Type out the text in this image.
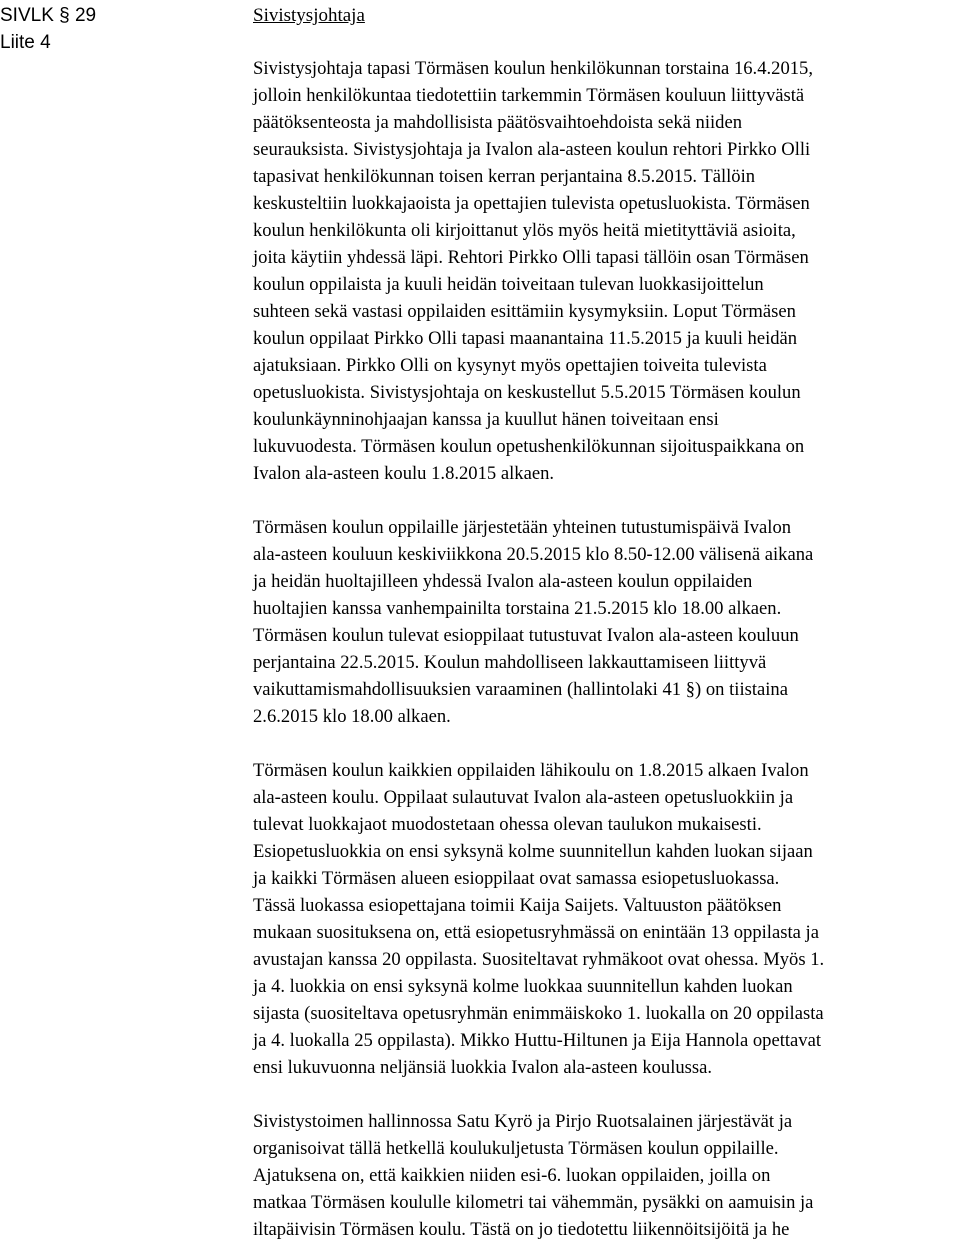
SIVLK § 29
Liite 4
Sivistysjohtaja

Sivistysjohtaja tapasi Törmäsen koulun henkilökunnan torstaina 16.4.2015,
jolloin henkilökuntaa tiedotettiin tarkemmin Törmäsen kouluun liittyvästä
päätöksenteosta ja mahdollisista päätösvaihtoehdoista sekä niiden
seurauksista. Sivistysjohtaja ja Ivalon ala-asteen koulun rehtori Pirkko Olli
tapasivat henkilökunnan toisen kerran perjantaina 8.5.2015. Tällöin
keskusteltiin luokkajaoista ja opettajien tulevista opetusluokista. Törmäsen
koulun henkilökunta oli kirjoittanut ylös myös heitä mietityttäviä asioita,
joita käytiin yhdessä läpi. Rehtori Pirkko Olli tapasi tällöin osan Törmäsen
koulun oppilaista ja kuuli heidän toiveitaan tulevan luokkasijoittelun
suhteen sekä vastasi oppilaiden esittämiin kysymyksiin. Loput Törmäsen
koulun oppilaat Pirkko Olli tapasi maanantaina 11.5.2015 ja kuuli heidän
ajatuksiaan. Pirkko Olli on kysynyt myös opettajien toiveita tulevista
opetusluokista. Sivistysjohtaja on keskustellut 5.5.2015 Törmäsen koulun
koulunkäynninohjaajan kanssa ja kuullut hänen toiveitaan ensi
lukuvuodesta. Törmäsen koulun opetushenkilökunnan sijoituspaikkana on
Ivalon ala-asteen koulu 1.8.2015 alkaen.

Törmäsen koulun oppilaille järjestetään yhteinen tutustumispäivä Ivalon
ala-asteen kouluun keskiviikkona 20.5.2015 klo 8.50-12.00 välisenä aikana
ja heidän huoltajilleen yhdessä Ivalon ala-asteen koulun oppilaiden
huoltajien kanssa vanhempainilta torstaina 21.5.2015 klo 18.00 alkaen.
Törmäsen koulun tulevat esioppilaat tutustuvat Ivalon ala-asteen kouluun
perjantaina 22.5.2015. Koulun mahdolliseen lakkauttamiseen liittyvä
vaikuttamismahdollisuuksien varaaminen (hallintolaki 41 §) on tiistaina
2.6.2015 klo 18.00 alkaen.

Törmäsen koulun kaikkien oppilaiden lähikoulu on 1.8.2015 alkaen Ivalon
ala-asteen koulu. Oppilaat sulautuvat Ivalon ala-asteen opetusluokkiin ja
tulevat luokkajaot muodostetaan ohessa olevan taulukon mukaisesti.
Esiopetusluokkia on ensi syksynä kolme suunnitellun kahden luokan sijaan
ja kaikki Törmäsen alueen esioppilaat ovat samassa esiopetusluokassa.
Tässä luokassa esiopettajana toimii Kaija Saijets. Valtuuston päätöksen
mukaan suosituksena on, että esiopetusryhmässä on enintään 13 oppilasta ja
avustajan kanssa 20 oppilasta. Suositeltavat ryhmäkoot ovat ohessa. Myös 1.
ja 4. luokkia on ensi syksynä kolme luokkaa suunnitellun kahden luokan
sijasta (suositeltava opetusryhmän enimmäiskoko 1. luokalla on 20 oppilasta
ja 4. luokalla 25 oppilasta). Mikko Huttu-Hiltunen ja Eija Hannola opettavat
ensi lukuvuonna neljänsiä luokkia Ivalon ala-asteen koulussa.

Sivistystoimen hallinnossa Satu Kyrö ja Pirjo Ruotsalainen järjestävät ja
organisoivat tällä hetkellä koulukuljetusta Törmäsen koulun oppilaille.
Ajatuksena on, että kaikkien niiden esi-6. luokan oppilaiden, joilla on
matkaa Törmäsen koululle kilometri tai vähemmän, pysäkki on aamuisin ja
iltapäivisin Törmäsen koulu. Tästä on jo tiedotettu liikennöitsijöitä ja he
